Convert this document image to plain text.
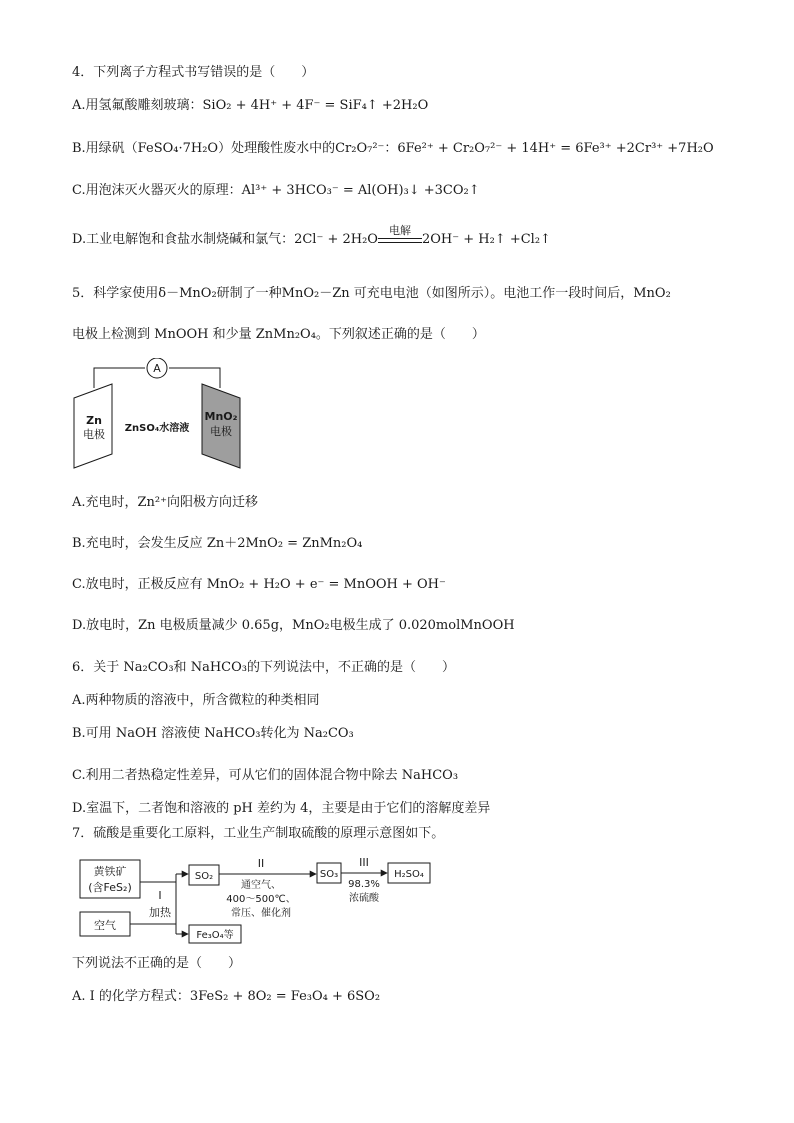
4．下列离子方程式书写错误的是（　　）
A.用氢氟酸雕刻玻璃：SiO₂ + 4H⁺ + 4F⁻ = SiF₄↑ +2H₂O
B.用绿矾（FeSO₄·7H₂O）处理酸性废水中的Cr₂O₇²⁻：6Fe²⁺ + Cr₂O₇²⁻ + 14H⁺ = 6Fe³⁺ +2Cr³⁺ +7H₂O
C.用泡沫灭火器灭火的原理：Al³⁺ + 3HCO₃⁻ = Al(OH)₃↓ +3CO₂↑
D.工业电解饱和食盐水制烧碱和氯气：2Cl⁻ + 2H₂O
电解
2OH⁻ + H₂↑ +Cl₂↑
5．科学家使用δ－MnO₂研制了一种MnO₂－Zn 可充电电池（如图所示）。电池工作一段时间后，MnO₂
电极上检测到 MnOOH 和少量 ZnMn₂O₄。下列叙述正确的是（　　）
A
Zn
电极 ZnSO₄水溶液
MnO₂
电极
A.充电时，Zn²⁺向阳极方向迁移
B.充电时，会发生反应 Zn＋2MnO₂ = ZnMn₂O₄
C.放电时，正极反应有 MnO₂ + H₂O + e⁻ = MnOOH + OH⁻
D.放电时，Zn 电极质量减少 0.65g，MnO₂电极生成了 0.020molMnOOH
6．关于 Na₂CO₃和 NaHCO₃的下列说法中，不正确的是（　　）
A.两种物质的溶液中，所含微粒的种类相同
B.可用 NaOH 溶液使 NaHCO₃转化为 Na₂CO₃
C.利用二者热稳定性差异，可从它们的固体混合物中除去 NaHCO₃
D.室温下，二者饱和溶液的 pH 差约为 4，主要是由于它们的溶解度差异
7．硫酸是重要化工原料，工业生产制取硫酸的原理示意图如下。
黄铁矿
(含FeS₂)
空气
I
加热
SO₂
II
通空气、
400～500℃、
常压、催化剂
SO₃
III
98.3%
浓硫酸
H₂SO₄
Fe₃O₄等
下列说法不正确的是（　　）
A. I 的化学方程式：3FeS₂ + 8O₂ = Fe₃O₄ + 6SO₂
